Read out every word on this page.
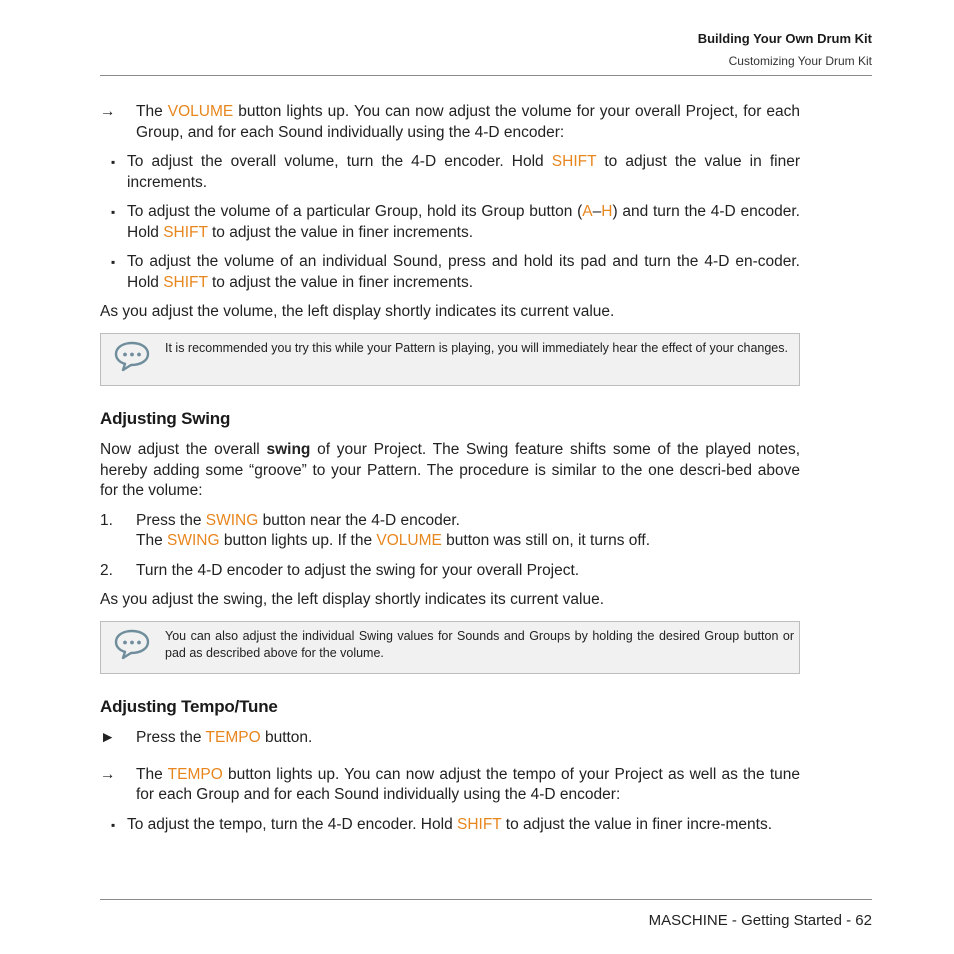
Building Your Own Drum Kit
Customizing Your Drum Kit
→	The VOLUME button lights up. You can now adjust the volume for your overall Project, for each Group, and for each Sound individually using the 4-D encoder:
▪ To adjust the overall volume, turn the 4-D encoder. Hold SHIFT to adjust the value in finer increments.
▪ To adjust the volume of a particular Group, hold its Group button (A–H) and turn the 4-D encoder. Hold SHIFT to adjust the value in finer increments.
▪ To adjust the volume of an individual Sound, press and hold its pad and turn the 4-D en-coder. Hold SHIFT to adjust the value in finer increments.

As you adjust the volume, the left display shortly indicates its current value.

It is recommended you try this while your Pattern is playing, you will immediately hear the effect of your changes.
Adjusting Swing

Now adjust the overall swing of your Project. The Swing feature shifts some of the played notes, hereby adding some “groove” to your Pattern. The procedure is similar to the one descri-bed above for the volume:

1.	Press the SWING button near the 4-D encoder.
The SWING button lights up. If the VOLUME button was still on, it turns off.
2.	Turn the 4-D encoder to adjust the swing for your overall Project.

As you adjust the swing, the left display shortly indicates its current value.

You can also adjust the individual Swing values for Sounds and Groups by holding the desired Group button or pad as described above for the volume.
Adjusting Tempo/Tune
►	Press the TEMPO button.
→	The TEMPO button lights up. You can now adjust the tempo of your Project as well as the tune for each Group and for each Sound individually using the 4-D encoder:
▪ To adjust the tempo, turn the 4-D encoder. Hold SHIFT to adjust the value in finer incre-ments.
MASCHINE - Getting Started - 62
